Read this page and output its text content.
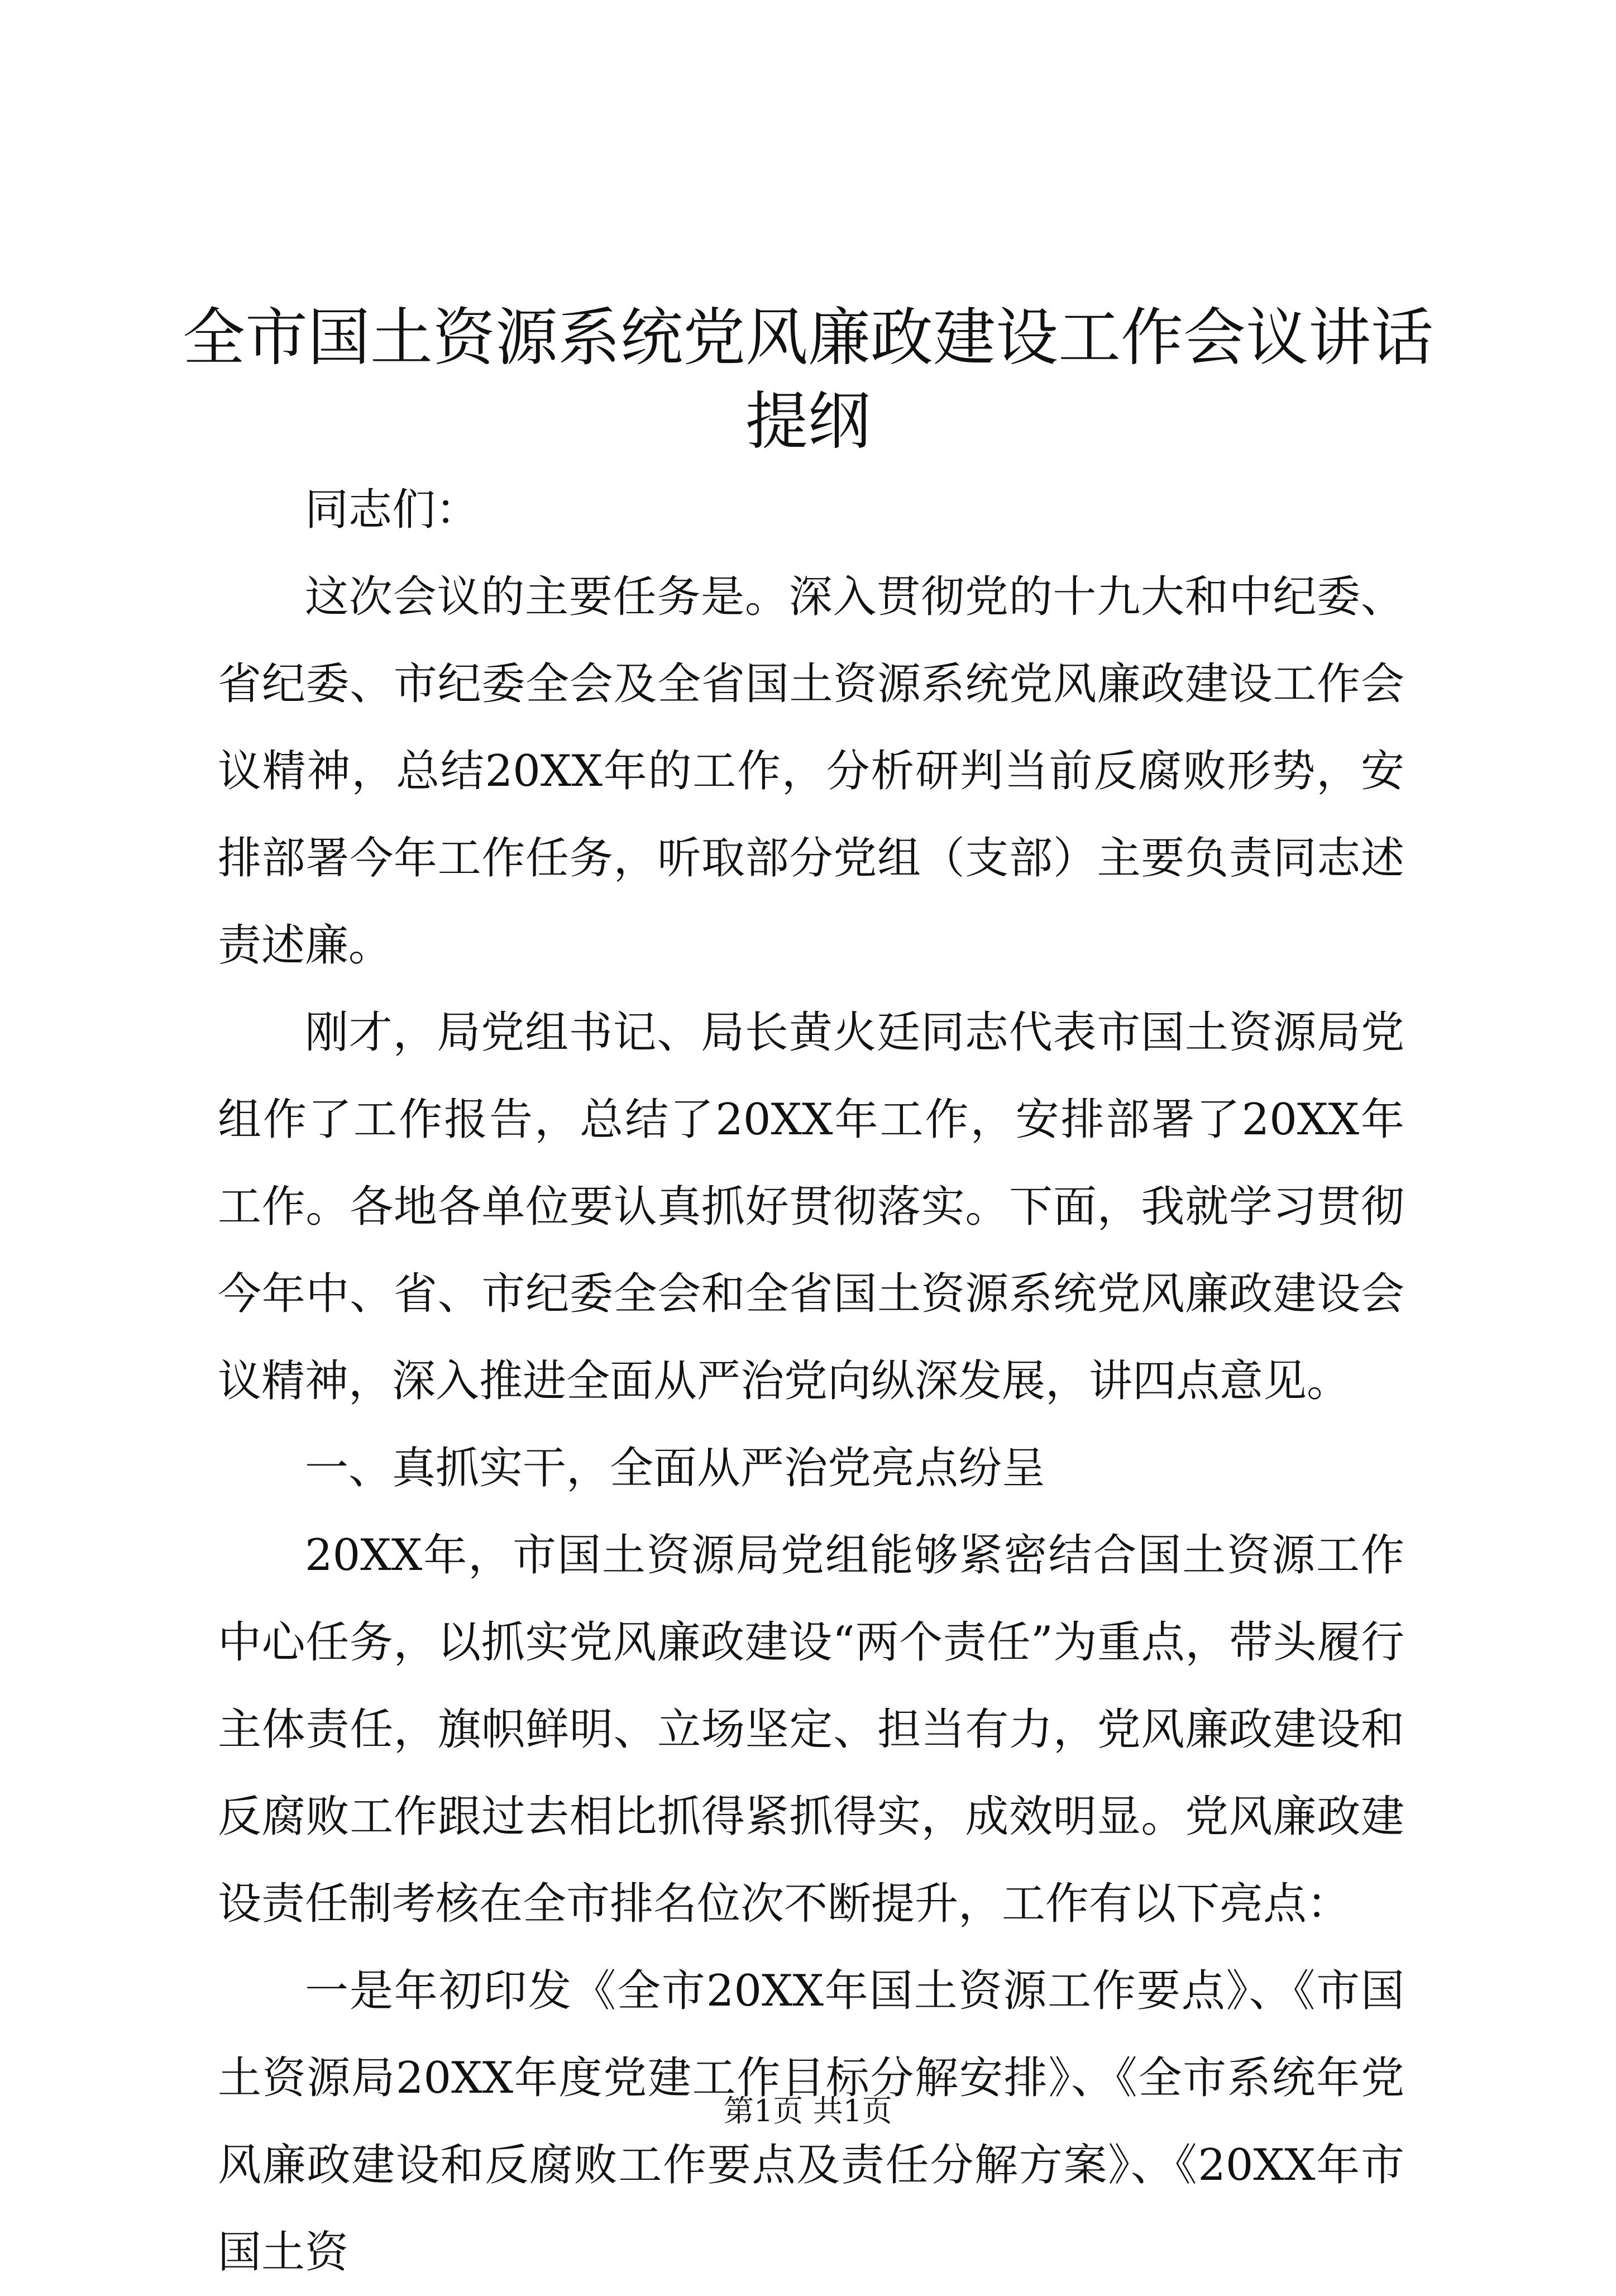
全市国土资源系统党风廉政建设工作会议讲话提纲

同志们：

这次会议的主要任务是。深入贯彻党的十九大和中纪委、省纪委、市纪委全会及全省国土资源系统党风廉政建设工作会议精神，总结20XX年的工作，分析研判当前反腐败形势，安排部署今年工作任务，听取部分党组（支部）主要负责同志述责述廉。

刚才，局党组书记、局长黄火廷同志代表市国土资源局党组作了工作报告，总结了20XX年工作，安排部署了20XX年工作。各地各单位要认真抓好贯彻落实。下面，我就学习贯彻今年中、省、市纪委全会和全省国土资源系统党风廉政建设会议精神，深入推进全面从严治党向纵深发展，讲四点意见。

一、真抓实干，全面从严治党亮点纷呈

20XX年，市国土资源局党组能够紧密结合国土资源工作中心任务，以抓实党风廉政建设“两个责任”为重点，带头履行主体责任，旗帜鲜明、立场坚定、担当有力，党风廉政建设和反腐败工作跟过去相比抓得紧抓得实，成效明显。党风廉政建设责任制考核在全市排名位次不断提升，工作有以下亮点：

一是年初印发《全市20XX年国土资源工作要点》、《市国土资源局20XX年度党建工作目标分解安排》、《全市系统年党风廉政建设和反腐败工作要点及责任分解方案》、《20XX年市国土资

第1页 共1页
